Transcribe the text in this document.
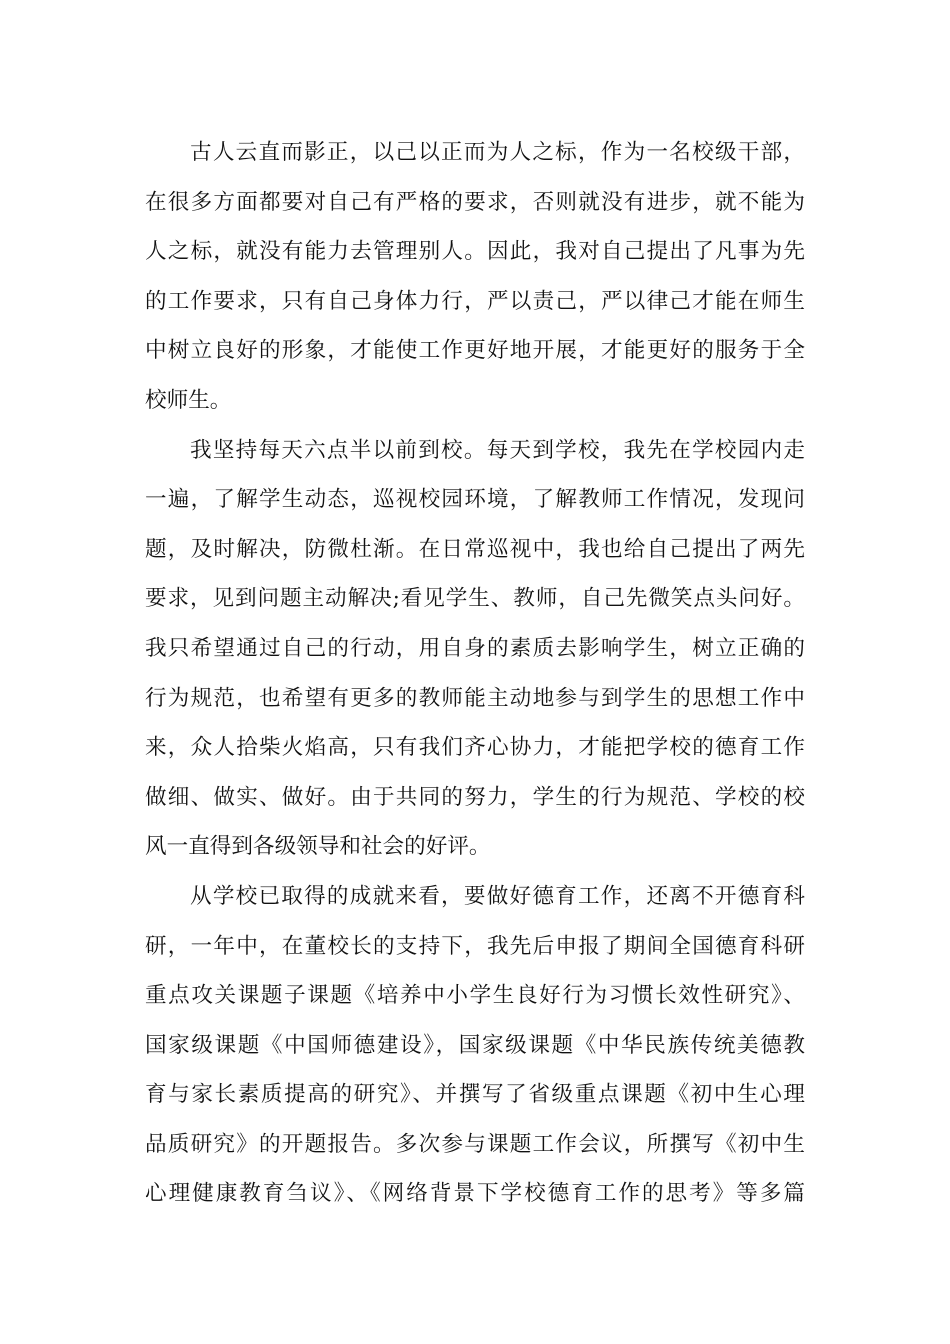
古人云直而影正，以己以正而为人之标，作为一名校级干部，
在很多方面都要对自己有严格的要求，否则就没有进步，就不能为
人之标，就没有能力去管理别人。因此，我对自己提出了凡事为先
的工作要求，只有自己身体力行，严以责己，严以律己才能在师生
中树立良好的形象，才能使工作更好地开展，才能更好的服务于全
校师生。
我坚持每天六点半以前到校。每天到学校，我先在学校园内走
一遍，了解学生动态，巡视校园环境，了解教师工作情况，发现问
题，及时解决，防微杜渐。在日常巡视中，我也给自己提出了两先
要求，见到问题主动解决;看见学生、教师，自己先微笑点头问好。
我只希望通过自己的行动，用自身的素质去影响学生，树立正确的
行为规范，也希望有更多的教师能主动地参与到学生的思想工作中
来，众人拾柴火焰高，只有我们齐心协力，才能把学校的德育工作
做细、做实、做好。由于共同的努力，学生的行为规范、学校的校
风一直得到各级领导和社会的好评。
从学校已取得的成就来看，要做好德育工作，还离不开德育科
研，一年中，在董校长的支持下，我先后申报了期间全国德育科研
重点攻关课题子课题《培养中小学生良好行为习惯长效性研究》、
国家级课题《中国师德建设》，国家级课题《中华民族传统美德教
育与家长素质提高的研究》、并撰写了省级重点课题《初中生心理
品质研究》的开题报告。多次参与课题工作会议，所撰写《初中生
心理健康教育刍议》、《网络背景下学校德育工作的思考》等多篇
